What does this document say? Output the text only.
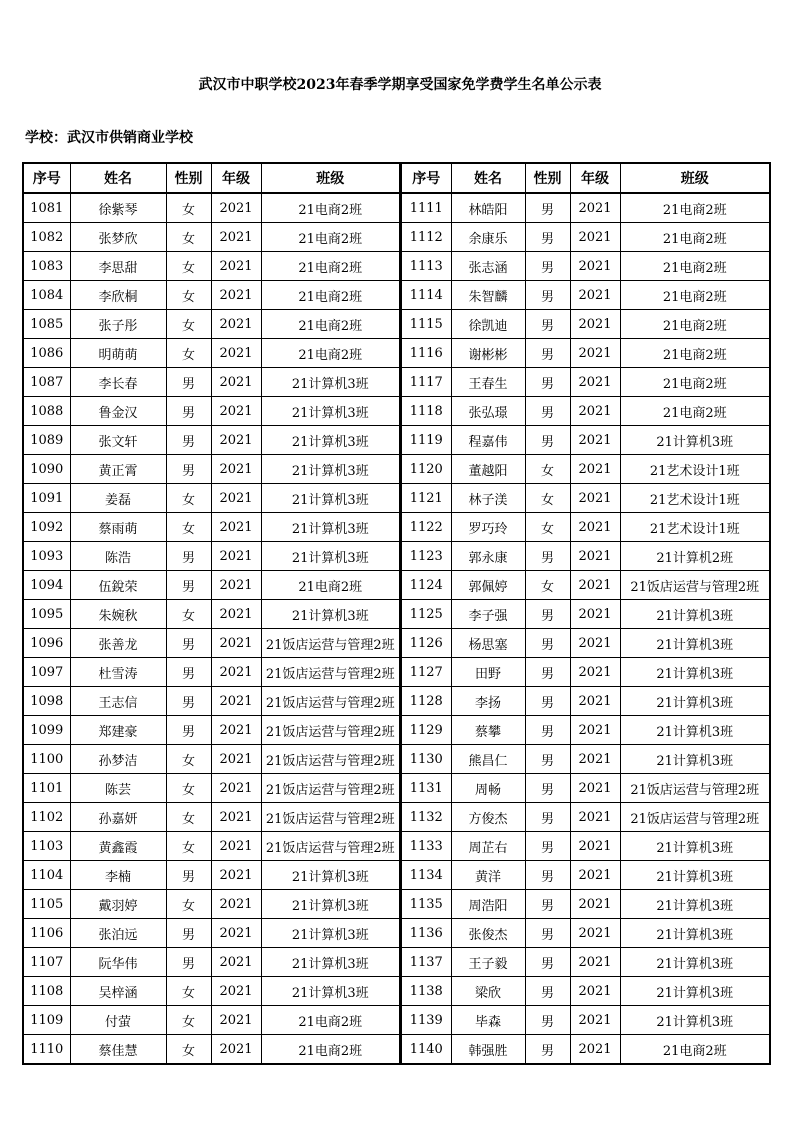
武汉市中职学校2023年春季学期享受国家免学费学生名单公示表
学校：武汉市供销商业学校
序号	姓名	性别	年级	班级
1081	徐紫琴	女	2021	21电商2班
1082	张梦欣	女	2021	21电商2班
1083	李思甜	女	2021	21电商2班
1084	李欣桐	女	2021	21电商2班
1085	张子彤	女	2021	21电商2班
1086	明萌萌	女	2021	21电商2班
1087	李长春	男	2021	21计算机3班
1088	鲁金汉	男	2021	21计算机3班
1089	张文轩	男	2021	21计算机3班
1090	黄正霄	男	2021	21计算机3班
1091	姜磊	女	2021	21计算机3班
1092	蔡雨萌	女	2021	21计算机3班
1093	陈浩	男	2021	21计算机3班
1094	伍銳荣	男	2021	21电商2班
1095	朱婉秋	女	2021	21计算机3班
1096	张善龙	男	2021	21饭店运营与管理2班
1097	杜雪涛	男	2021	21饭店运营与管理2班
1098	王志信	男	2021	21饭店运营与管理2班
1099	郑建豪	男	2021	21饭店运营与管理2班
1100	孙梦洁	女	2021	21饭店运营与管理2班
1101	陈芸	女	2021	21饭店运营与管理2班
1102	孙嘉妍	女	2021	21饭店运营与管理2班
1103	黄鑫霞	女	2021	21饭店运营与管理2班
1104	李楠	男	2021	21计算机3班
1105	戴羽婷	女	2021	21计算机3班
1106	张泊远	男	2021	21计算机3班
1107	阮华伟	男	2021	21计算机3班
1108	吴梓涵	女	2021	21计算机3班
1109	付萤	女	2021	21电商2班
1110	蔡佳慧	女	2021	21电商2班
序号	姓名	性别	年级	班级
1111	林皓阳	男	2021	21电商2班
1112	余康乐	男	2021	21电商2班
1113	张志涵	男	2021	21电商2班
1114	朱智麟	男	2021	21电商2班
1115	徐凯迪	男	2021	21电商2班
1116	谢彬彬	男	2021	21电商2班
1117	王春生	男	2021	21电商2班
1118	张弘璟	男	2021	21电商2班
1119	程嘉伟	男	2021	21计算机3班
1120	董越阳	女	2021	21艺术设计1班
1121	林子渼	女	2021	21艺术设计1班
1122	罗巧玲	女	2021	21艺术设计1班
1123	郭永康	男	2021	21计算机2班
1124	郭佩婷	女	2021	21饭店运营与管理2班
1125	李子强	男	2021	21计算机3班
1126	杨思塞	男	2021	21计算机3班
1127	田野	男	2021	21计算机3班
1128	李扬	男	2021	21计算机3班
1129	蔡攀	男	2021	21计算机3班
1130	熊昌仁	男	2021	21计算机3班
1131	周畅	男	2021	21饭店运营与管理2班
1132	方俊杰	男	2021	21饭店运营与管理2班
1133	周芷右	男	2021	21计算机3班
1134	黄洋	男	2021	21计算机3班
1135	周浩阳	男	2021	21计算机3班
1136	张俊杰	男	2021	21计算机3班
1137	王子毅	男	2021	21计算机3班
1138	梁欣	男	2021	21计算机3班
1139	毕森	男	2021	21计算机3班
1140	韩强胜	男	2021	21电商2班
